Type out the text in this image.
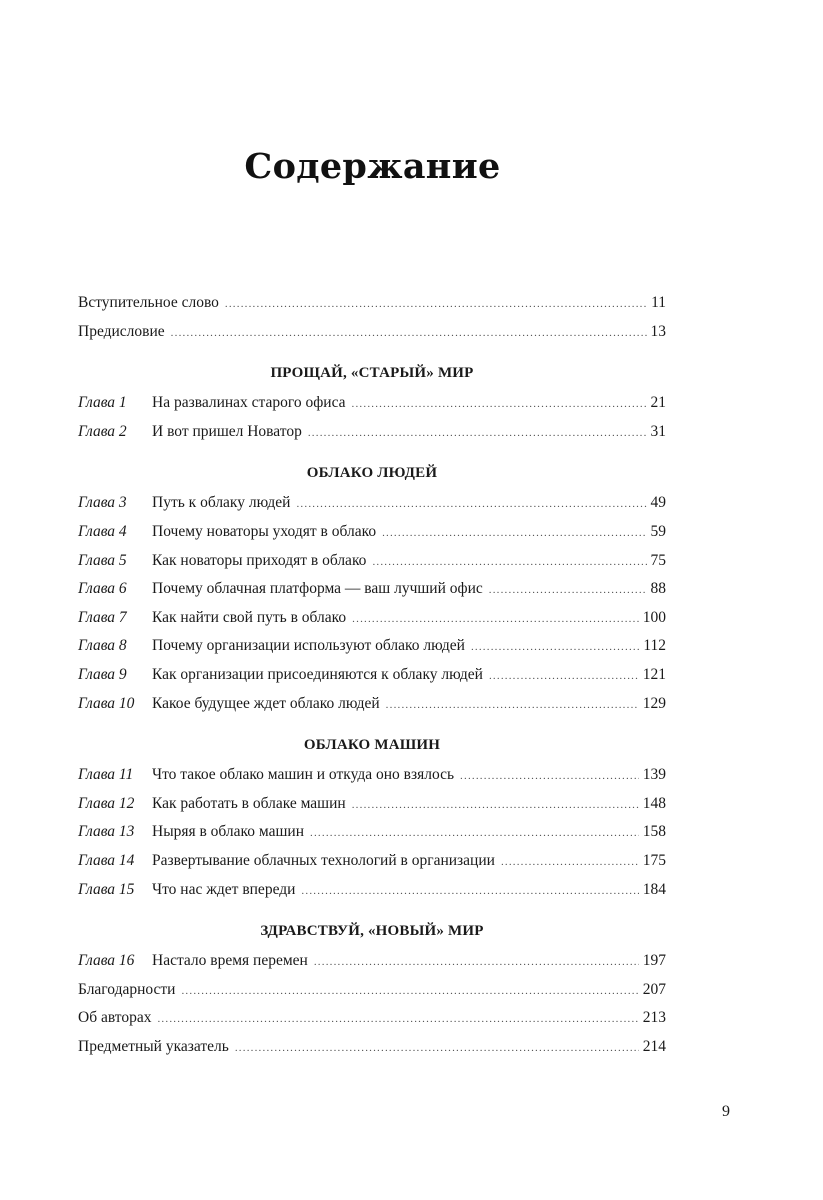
Содержание
Вступительное слово .....	11
Предисловие .....	13
ПРОЩАЙ, «СТАРЫЙ» МИР
Глава 1	На развалинах старого офиса .....	21
Глава 2	И вот пришел Новатор .....	31
ОБЛАКО ЛЮДЕЙ
Глава 3	Путь к облаку людей .....	49
Глава 4	Почему новаторы уходят в облако .....	59
Глава 5	Как новаторы приходят в облако .....	75
Глава 6	Почему облачная платформа — ваш лучший офис .....	88
Глава 7	Как найти свой путь в облако .....	100
Глава 8	Почему организации используют облако людей .....	112
Глава 9	Как организации присоединяются к облаку людей .....	121
Глава 10	Какое будущее ждет облако людей .....	129
ОБЛАКО МАШИН
Глава 11	Что такое облако машин и откуда оно взялось .....	139
Глава 12	Как работать в облаке машин .....	148
Глава 13	Ныряя в облако машин .....	158
Глава 14	Развертывание облачных технологий в организации .....	175
Глава 15	Что нас ждет впереди .....	184
ЗДРАВСТВУЙ, «НОВЫЙ» МИР
Глава 16	Настало время перемен .....	197
Благодарности .....	207
Об авторах .....	213
Предметный указатель .....	214
9
